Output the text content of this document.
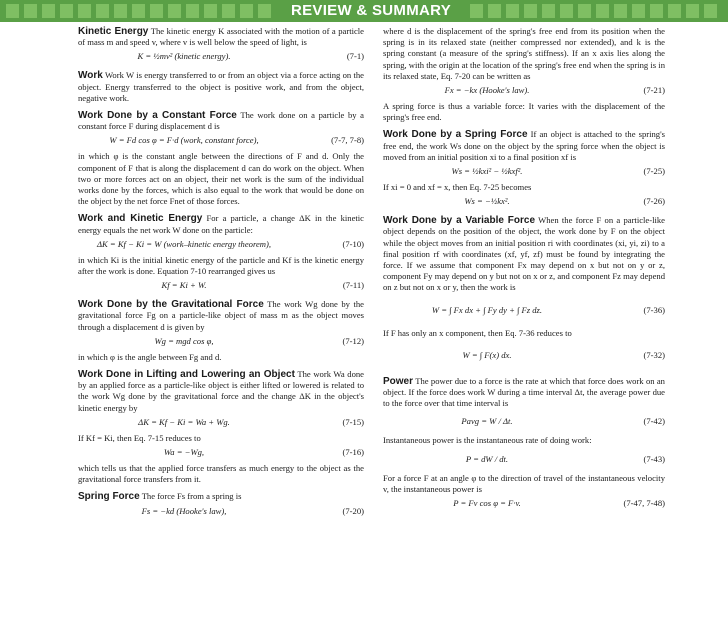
REVIEW & SUMMARY

Kinetic Energy The kinetic energy K associated with the motion of a particle of mass m and speed v, where v is well below the speed of light, is

K = ½mv² (kinetic energy).	(7-1)

Work Work W is energy transferred to or from an object via a force acting on the object. Energy transferred to the object is positive work, and from the object, negative work.

Work Done by a Constant Force The work done on a particle by a constant force F during displacement d is

W = Fd cos φ = F·d (work, constant force),	(7-7, 7-8)

in which φ is the constant angle between the directions of F and d. Only the component of F that is along the displacement d can do work on the object. When two or more forces act on an object, their net work is the sum of the individual works done by the forces, which is also equal to the work that would be done on the object by the net force Fnet of those forces.

Work and Kinetic Energy For a particle, a change ΔK in the kinetic energy equals the net work W done on the particle:

ΔK = Kf − Ki = W (work–kinetic energy theorem),	(7-10)

in which Ki is the initial kinetic energy of the particle and Kf is the kinetic energy after the work is done. Equation 7-10 rearranged gives us

Kf = Ki + W.	(7-11)

Work Done by the Gravitational Force The work Wg done by the gravitational force Fg on a particle-like object of mass m as the object moves through a displacement d is given by

Wg = mgd cos φ,	(7-12)

in which φ is the angle between Fg and d.

Work Done in Lifting and Lowering an Object The work Wa done by an applied force as a particle-like object is either lifted or lowered is related to the work Wg done by the gravitational force and the change ΔK in the object's kinetic energy by

ΔK = Kf − Ki = Wa + Wg.	(7-15)

If Kf = Ki, then Eq. 7-15 reduces to

Wa = −Wg,	(7-16)

which tells us that the applied force transfers as much energy to the object as the gravitational force transfers from it.

Spring Force The force Fs from a spring is

Fs = −kd (Hooke's law),	(7-20)

where d is the displacement of the spring's free end from its position when the spring is in its relaxed state (neither compressed nor extended), and k is the spring constant (a measure of the spring's stiffness). If an x axis lies along the spring, with the origin at the location of the spring's free end when the spring is in its relaxed state, Eq. 7-20 can be written as

Fx = −kx (Hooke's law).	(7-21)

A spring force is thus a variable force: It varies with the displacement of the spring's free end.

Work Done by a Spring Force If an object is attached to the spring's free end, the work Ws done on the object by the spring force when the object is moved from an initial position xi to a final position xf is

Ws = ½kxi² − ½kxf².	(7-25)

If xi = 0 and xf = x, then Eq. 7-25 becomes

Ws = −½kx².	(7-26)

Work Done by a Variable Force When the force F on a particle-like object depends on the position of the object, the work done by F on the object while the object moves from an initial position ri with coordinates (xi, yi, zi) to a final position rf with coordinates (xf, yf, zf) must be found by integrating the force. If we assume that component Fx may depend on x but not on y or z, component Fy may depend on y but not on x or z, and component Fz may depend on z but not on x or y, then the work is

W = ∫ Fx dx + ∫ Fy dy + ∫ Fz dz.	(7-36)

If F has only an x component, then Eq. 7-36 reduces to

W = ∫ F(x) dx.	(7-32)

Power The power due to a force is the rate at which that force does work on an object. If the force does work W during a time interval Δt, the average power due to the force over that time interval is

Pavg = W / Δt.	(7-42)

Instantaneous power is the instantaneous rate of doing work:

P = dW / dt.	(7-43)

For a force F at an angle φ to the direction of travel of the instantaneous velocity v, the instantaneous power is

P = Fv cos φ = F·v.	(7-47, 7-48)
